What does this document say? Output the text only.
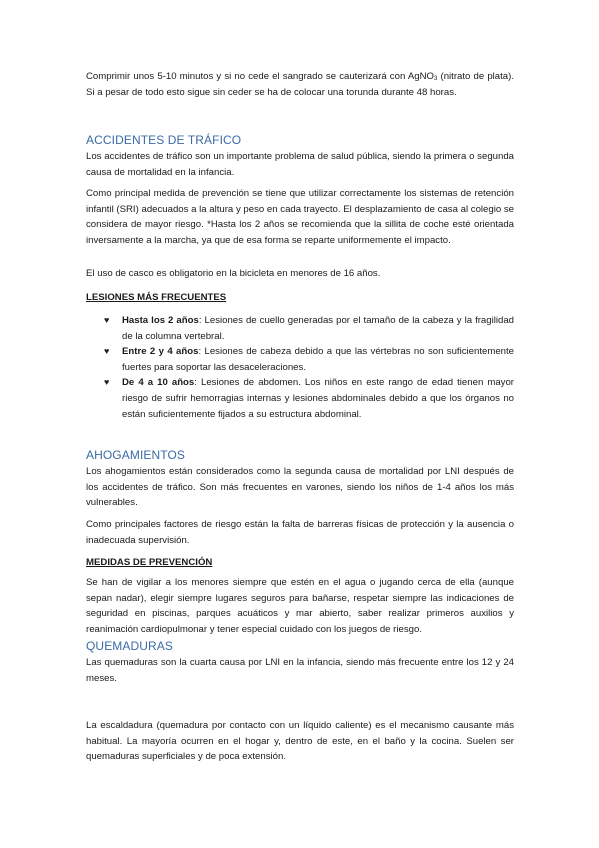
Comprimir unos 5-10 minutos y si no cede el sangrado se cauterizará con AgNO$_3$ (nitrato de plata). Si a pesar de todo esto sigue sin ceder se ha de colocar una torunda durante 48 horas.

ACCIDENTES DE TRÁFICO

Los accidentes de tráfico son un importante problema de salud pública, siendo la primera o segunda causa de mortalidad en la infancia.

Como principal medida de prevención se tiene que utilizar correctamente los sistemas de retención infantil (SRI) adecuados a la altura y peso en cada trayecto. El desplazamiento de casa al colegio se considera de mayor riesgo. *Hasta los 2 años se recomienda que la sillita de coche esté orientada inversamente a la marcha, ya que de esa forma se reparte uniformemente el impacto.

El uso de casco es obligatorio en la bicicleta en menores de 16 años.

LESIONES MÁS FRECUENTES
♥ Hasta los 2 años: Lesiones de cuello generadas por el tamaño de la cabeza y la fragilidad de la columna vertebral.
♥ Entre 2 y 4 años: Lesiones de cabeza debido a que las vértebras no son suficientemente fuertes para soportar las desaceleraciones.
♥ De 4 a 10 años: Lesiones de abdomen. Los niños en este rango de edad tienen mayor riesgo de sufrir hemorragias internas y lesiones abdominales debido a que los órganos no están suficientemente fijados a su estructura abdominal.
AHOGAMIENTOS

Los ahogamientos están considerados como la segunda causa de mortalidad por LNI después de los accidentes de tráfico. Son más frecuentes en varones, siendo los niños de 1-4 años los más vulnerables.

Como principales factores de riesgo están la falta de barreras físicas de protección y la ausencia o inadecuada supervisión.

MEDIDAS DE PREVENCIÓN

Se han de vigilar a los menores siempre que estén en el agua o jugando cerca de ella (aunque sepan nadar), elegir siempre lugares seguros para bañarse, respetar siempre las indicaciones de seguridad en piscinas, parques acuáticos y mar abierto, saber realizar primeros auxilios y reanimación cardiopulmonar y tener especial cuidado con los juegos de riesgo.

QUEMADURAS

Las quemaduras son la cuarta causa por LNI en la infancia, siendo más frecuente entre los 12 y 24 meses.

La escaldadura (quemadura por contacto con un líquido caliente) es el mecanismo causante más habitual. La mayoría ocurren en el hogar y, dentro de este, en el baño y la cocina. Suelen ser quemaduras superficiales y de poca extensión.
